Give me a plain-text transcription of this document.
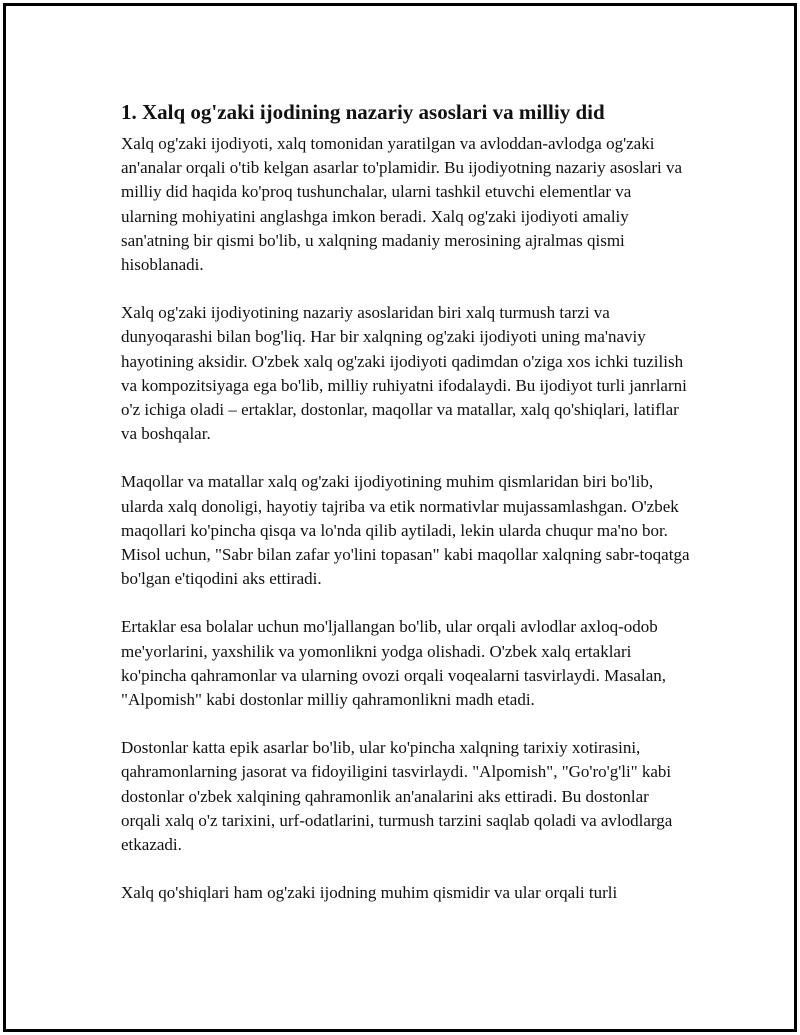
1. Xalq og'zaki ijodining nazariy asoslari va milliy did

Xalq og'zaki ijodiyoti, xalq tomonidan yaratilgan va avloddan-avlodga og'zaki an'analar orqali o'tib kelgan asarlar to'plamidir. Bu ijodiyotning nazariy asoslari va milliy did haqida ko'proq tushunchalar, ularni tashkil etuvchi elementlar va ularning mohiyatini anglashga imkon beradi. Xalq og'zaki ijodiyoti amaliy san'atning bir qismi bo'lib, u xalqning madaniy merosining ajralmas qismi hisoblanadi.

Xalq og'zaki ijodiyotining nazariy asoslaridan biri xalq turmush tarzi va dunyoqarashi bilan bog'liq. Har bir xalqning og'zaki ijodiyoti uning ma'naviy hayotining aksidir. O'zbek xalq og'zaki ijodiyoti qadimdan o'ziga xos ichki tuzilish va kompozitsiyaga ega bo'lib, milliy ruhiyatni ifodalaydi. Bu ijodiyot turli janrlarni o'z ichiga oladi – ertaklar, dostonlar, maqollar va matallar, xalq qo'shiqlari, latiflar va boshqalar.

Maqollar va matallar xalq og'zaki ijodiyotining muhim qismlaridan biri bo'lib, ularda xalq donoligi, hayotiy tajriba va etik normativlar mujassamlashgan. O'zbek maqollari ko'pincha qisqa va lo'nda qilib aytiladi, lekin ularda chuqur ma'no bor. Misol uchun, "Sabr bilan zafar yo'lini topasan" kabi maqollar xalqning sabr-toqatga bo'lgan e'tiqodini aks ettiradi.

Ertaklar esa bolalar uchun mo'ljallangan bo'lib, ular orqali avlodlar axloq-odob me'yorlarini, yaxshilik va yomonlikni yodga olishadi. O'zbek xalq ertaklari ko'pincha qahramonlar va ularning ovozi orqali voqealarni tasvirlaydi. Masalan, "Alpomish" kabi dostonlar milliy qahramonlikni madh etadi.

Dostonlar katta epik asarlar bo'lib, ular ko'pincha xalqning tarixiy xotirasini, qahramonlarning jasorat va fidoyiligini tasvirlaydi. "Alpomish", "Go'ro'g'li" kabi dostonlar o'zbek xalqining qahramonlik an'analarini aks ettiradi. Bu dostonlar orqali xalq o'z tarixini, urf-odatlarini, turmush tarzini saqlab qoladi va avlodlarga etkazadi.

Xalq qo'shiqlari ham og'zaki ijodning muhim qismidir va ular orqali turli
